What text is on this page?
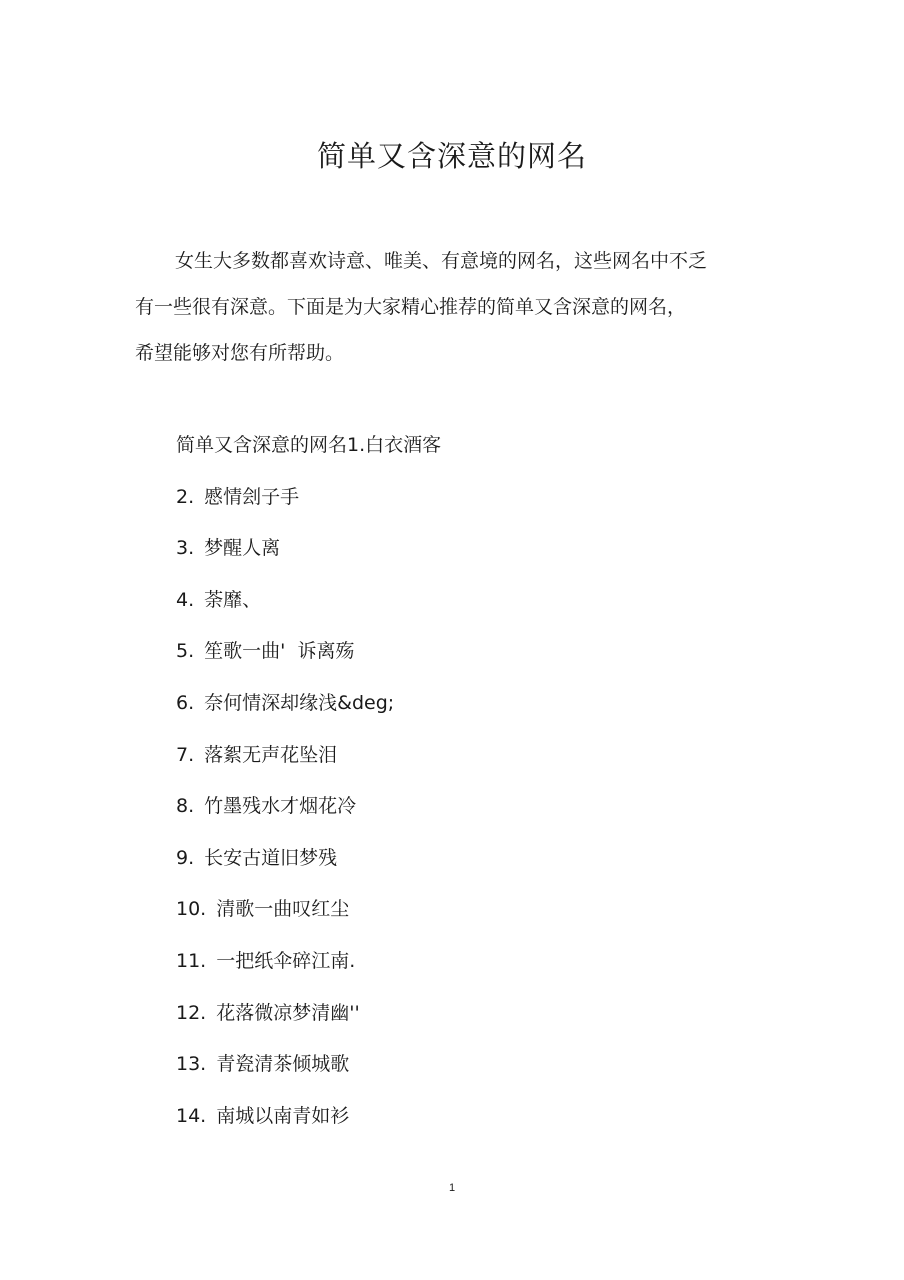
简单又含深意的网名

女生大多数都喜欢诗意、唯美、有意境的网名，这些网名中不乏
有一些很有深意。下面是为大家精心推荐的简单又含深意的网名，
希望能够对您有所帮助。

简单又含深意的网名1.白衣酒客
2. 慼情刽子手
3. 梦醒人离
4. 荼靡、
5. 笙歌一曲'  诉离殇
6. 奈何情深却缘浅&deg;
7. 落絮无声花坠泪
8. 竹墨残水才烟花冷
9. 长安古道旧梦残
10. 清歌一曲叹红尘
11. 一把纸伞碎江南.
12. 花落微凉梦清幽''
13. 青瓷清茶倾城歌
14. 南城以南青如衫
1
